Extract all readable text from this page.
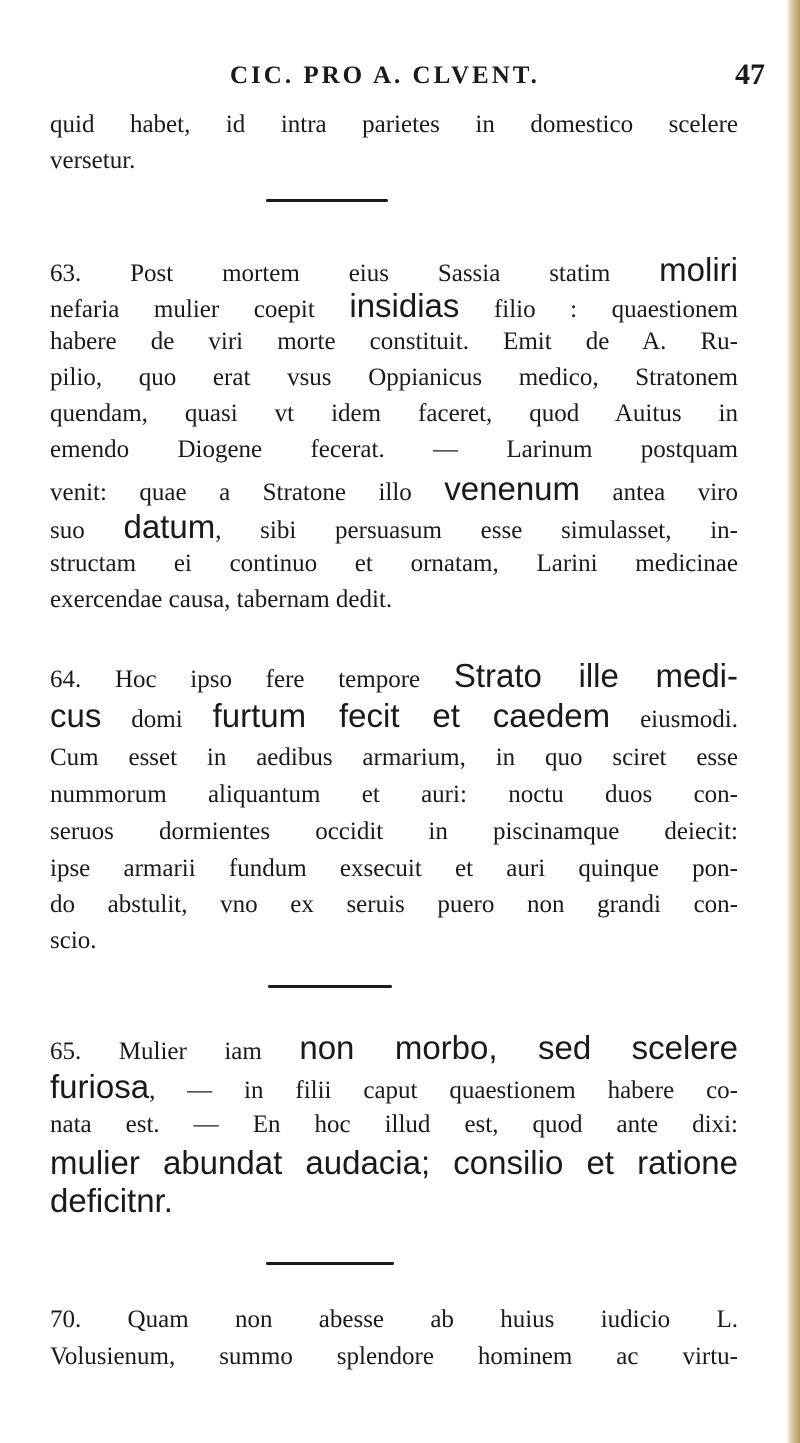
CIC. PRO A. CLVENT.	47
quid habet, id intra parietes in domestico scelere
versetur.
63. Post mortem eius Sassia statim moliri
nefaria mulier coepit insidias filio : quaestionem
habere de viri morte constituit. Emit de A. Ru-
pilio, quo erat vsus Oppianicus medico, Stratonem
quendam, quasi vt idem faceret, quod Auitus in
emendo Diogene fecerat. — Larinum postquam
venit: quae a Stratone illo venenum antea viro
suo datum, sibi persuasum esse simulasset, in-
structam ei continuo et ornatam, Larini medicinae
exercendae causa, tabernam dedit.
64. Hoc ipso fere tempore Strato ille medi-
cus domi furtum fecit et caedem eiusmodi.
Cum esset in aedibus armarium, in quo sciret esse
nummorum aliquantum et auri: noctu duos con-
seruos dormientes occidit in piscinamque deiecit:
ipse armarii fundum exsecuit et auri quinque pon-
do abstulit, vno ex seruis puero non grandi con-
scio.
65. Mulier iam non morbo, sed scelere
furiosa, — in filii caput quaestionem habere co-
nata est. — En hoc illud est, quod ante dixi:
mulier abundat audacia; consilio et ratione
deficitnr.
70. Quam non abesse ab huius iudicio L.
Volusienum, summo splendore hominem ac virtu-
